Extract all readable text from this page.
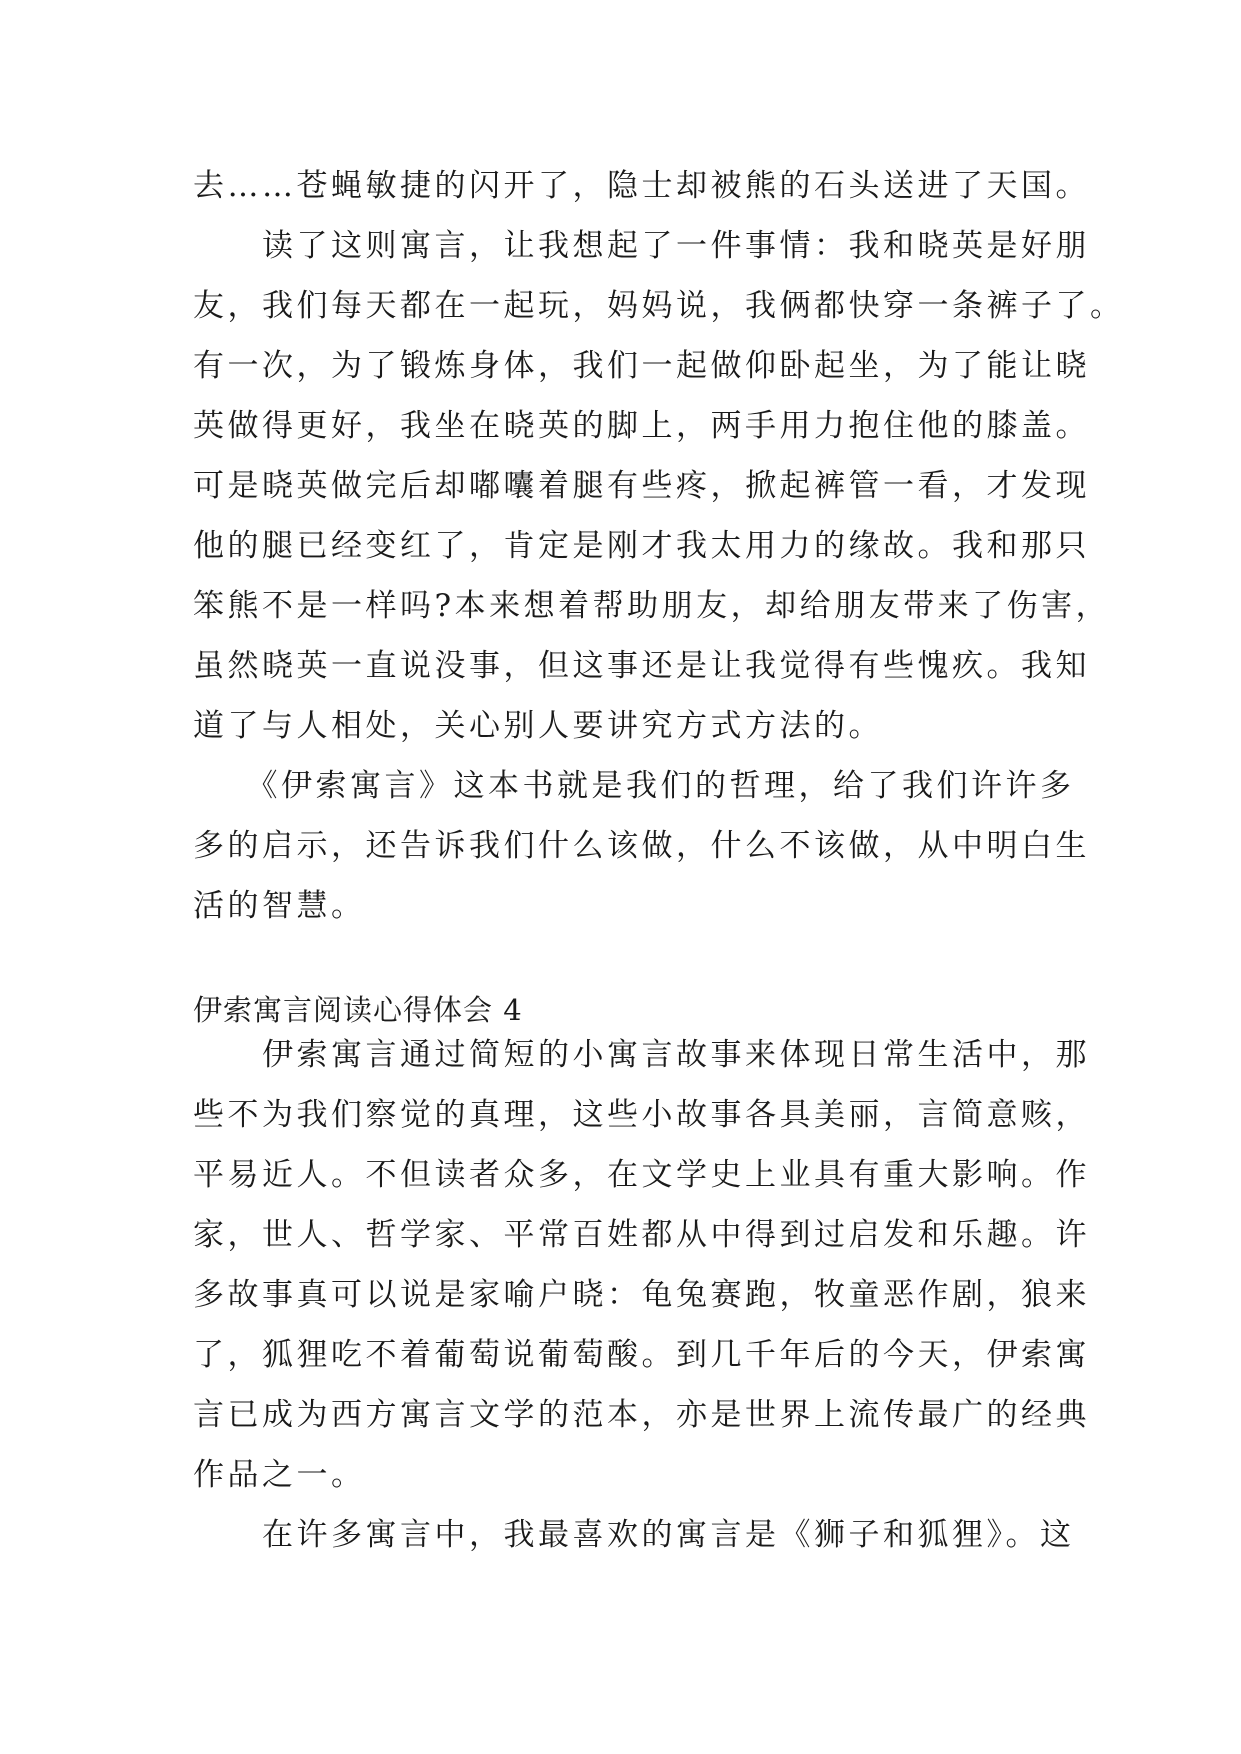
去……苍蝇敏捷的闪开了，隐士却被熊的石头送进了天国。
　　读了这则寓言，让我想起了一件事情：我和晓英是好朋
友，我们每天都在一起玩，妈妈说，我俩都快穿一条裤子了。
有一次，为了锻炼身体，我们一起做仰卧起坐，为了能让晓
英做得更好，我坐在晓英的脚上，两手用力抱住他的膝盖。
可是晓英做完后却嘟囔着腿有些疼，掀起裤管一看，才发现
他的腿已经变红了，肯定是刚才我太用力的缘故。我和那只
笨熊不是一样吗?本来想着帮助朋友，却给朋友带来了伤害，
虽然晓英一直说没事，但这事还是让我觉得有些愧疚。我知
道了与人相处，关心别人要讲究方式方法的。
　　《伊索寓言》这本书就是我们的哲理，给了我们许许多
多的启示，还告诉我们什么该做，什么不该做，从中明白生
活的智慧。
伊索寓言阅读心得体会 4
　　伊索寓言通过简短的小寓言故事来体现日常生活中，那
些不为我们察觉的真理，这些小故事各具美丽，言简意赅，
平易近人。不但读者众多，在文学史上业具有重大影响。作
家，世人、哲学家、平常百姓都从中得到过启发和乐趣。许
多故事真可以说是家喻户晓：龟兔赛跑，牧童恶作剧，狼来
了，狐狸吃不着葡萄说葡萄酸。到几千年后的今天，伊索寓
言已成为西方寓言文学的范本，亦是世界上流传最广的经典
作品之一。
　　在许多寓言中，我最喜欢的寓言是《狮子和狐狸》。这
